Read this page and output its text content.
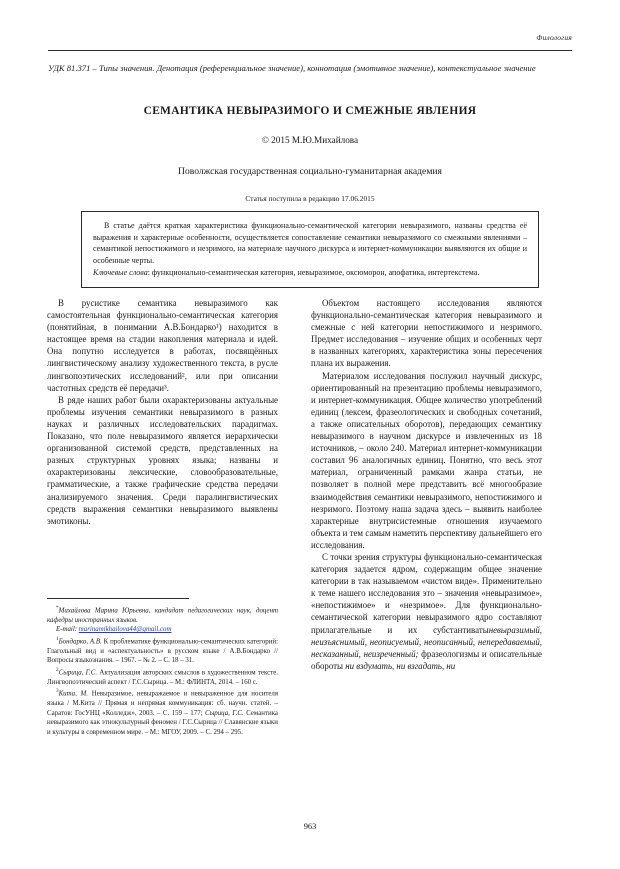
Филология
УДК 81.371 – Типы значения. Денотация (референциальное значение), коннотация (эмотивное значение), контекстуальное значение
СЕМАНТИКА НЕВЫРАЗИМОГО И СМЕЖНЫЕ ЯВЛЕНИЯ
© 2015 М.Ю.Михайлова
Поволжская государственная социально-гуманитарная академия
Статья поступила в редакцию 17.06.2015

В статье даётся краткая характеристика функционально-семантической категории невыразимого, названы средства её выражения и характерные особенности, осуществляется сопоставление семантики невыразимого со смежными явлениями – семантикой непостижимого и незримого, на материале научного дискурса и интернет-коммуникации выявляются их общие и особенные черты.

Ключевые слова: функционально-семантическая категория, невыразимое, оксюморон, апофатика, интертекстема.

В русистике семантика невыразимого как самостоятельная функционально-семантическая категория (понятийная, в понимании А.В.Бондарко¹) находится в настоящее время на стадии накопления материала и идей. Она попутно исследуется в работах, посвящённых лингвистическому анализу художественного текста, в русле лингвопоэтических исследований², или при описании частотных средств её передачи³.

В ряде наших работ были охарактеризованы актуальные проблемы изучения семантики невыразимого в разных науках и различных исследовательских парадигмах. Показано, что поле невыразимого является иерархически организованной системой средств, представленных на разных структурных уровнях языка; названы и охарактеризованы лексические, словообразовательные, грамматические, а также графические средства передачи анализируемого значения. Среди паралингвистических средств выражения семантики невыразимого выявлены эмотиконы.

Объектом настоящего исследования являются функционально-семантическая категория невыразимого и смежные с ней категории непостижимого и незримого. Предмет исследования – изучение общих и особенных черт в названных категориях, характеристика зоны пересечения плана их выражения.

Материалом исследования послужил научный дискурс, ориентированный на презентацию проблемы невыразимого, и интернет-коммуникация. Общее количество употреблений единиц (лексем, фразеологических и свободных сочетаний, а также описательных оборотов), передающих семантику невыразимого в научном дискурсе и извлеченных из 18 источников, – около 240. Материал интернет-коммуникации составил 96 аналогичных единиц. Понятно, что весь этот материал, ограниченный рамками жанра статьи, не позволяет в полной мере представить всё многообразие взаимодействия семантики невыразимого, непостижимого и незримого. Поэтому наша задача здесь – выявить наиболее характерные внутрисистемные отношения изучаемого объекта и тем самым наметить перспективу дальнейшего его исследования.

С точки зрения структуры функционально-семантическая категория задается ядром, содержащим общее значение категории в так называемом «чистом виде». Применительно к теме нашего исследования это – значения «невыразимое», «непостижимое» и «незримое». Для функционально-семантической категории невыразимого ядро составляют прилагательные и их субстантиватыневыразимый, неизъяснимый, неописуемый, неописанный, непередаваемый, несказанный, неизреченный; фразеологизмы и описательные обороты ни вздумать, ни взгадать, ни

*Михайлова Марина Юрьевна, кандидат педагогических наук, доцент кафедры иностранных языков.

E-mail: marinamikhailova44@gmail.com

$^1$Бондарко, А.В. К проблематике функционально-семантических категорий: Глагольный вид и «аспектуальность» в русском языке / А.В.Бондарко // Вопросы языкознания. – 1967. – № 2. – С. 18 – 31.

$^2$Сырица, Г.С. Актуализация авторских смыслов в художественном тексте. Лингвопоэтический аспект / Г.С.Сырица. – М.: ФЛИНТА, 2014. – 160 с.

$^3$Кита, М. Невыразимое, невыражаемое и невыраженное для носителя языка / М.Кита // Прямая и непрямая коммуникация: сб. научн. статей. – Саратов: ГосУНЦ «Колледж», 2003. – С. 159 – 177; Сырица, Г.С. Семантика невыразимого как этнокультурный феномен / Г.С.Сырица // Славянские языки и культуры в современном мире. – М.: МГОУ, 2009. – С. 294 – 295.

963
